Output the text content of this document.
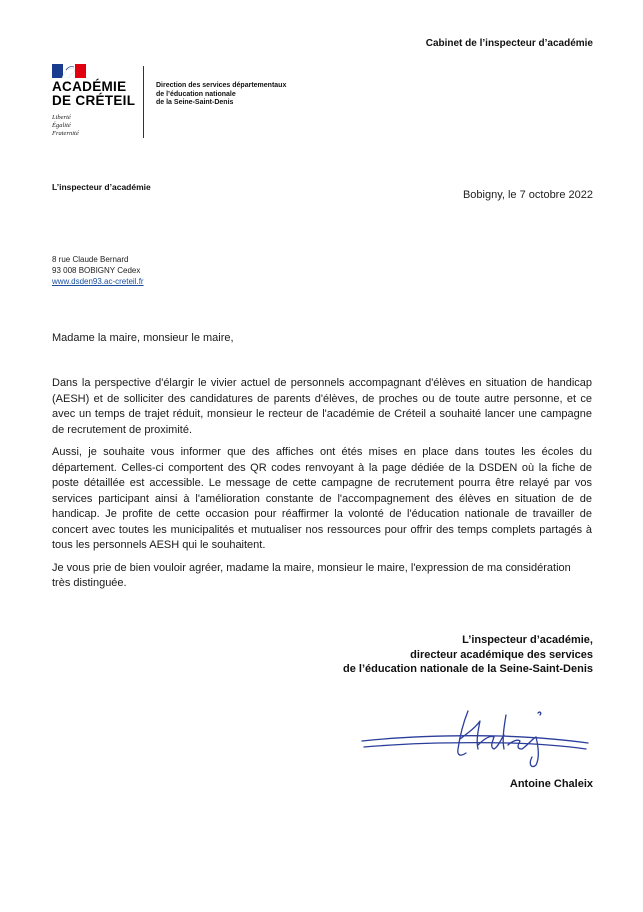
Cabinet de l’inspecteur d’académie
ACADÉMIE
DE CRÉTEIL
Liberté
Égalité
Fraternité
Direction des services départementaux
de l’éducation nationale
de la Seine-Saint-Denis
L’inspecteur d’académie
Bobigny, le 7 octobre 2022
8 rue Claude Bernard
93 008 BOBIGNY Cedex
www.dsden93.ac-creteil.fr
Madame la maire, monsieur le maire,

Dans la perspective d'élargir le vivier actuel de personnels accompagnant d'élèves en situation de handicap (AESH) et de solliciter des candidatures de parents d'élèves, de proches ou de toute autre personne, et ce avec un temps de trajet réduit, monsieur le recteur de l'académie de Créteil a souhaité lancer une campagne de recrutement de proximité.

Aussi, je souhaite vous informer que des affiches ont étés mises en place dans toutes les écoles du département. Celles-ci comportent des QR codes renvoyant à la page dédiée de la DSDEN où la fiche de poste détaillée est accessible. Le message de cette campagne de recrutement pourra être relayé par vos services participant ainsi à l'amélioration constante de l'accompagnement des élèves en situation de de handicap. Je profite de cette occasion pour réaffirmer la volonté de l'éducation nationale de travailler de concert avec toutes les municipalités et mutualiser nos ressources pour offrir des temps complets partagés à tous les personnels AESH qui le souhaitent.

Je vous prie de bien vouloir agréer, madame la maire, monsieur le maire, l'expression de ma considération très distinguée.

L’inspecteur d’académie,
directeur académique des services
de l’éducation nationale de la Seine-Saint-Denis
Antoine Chaleix
